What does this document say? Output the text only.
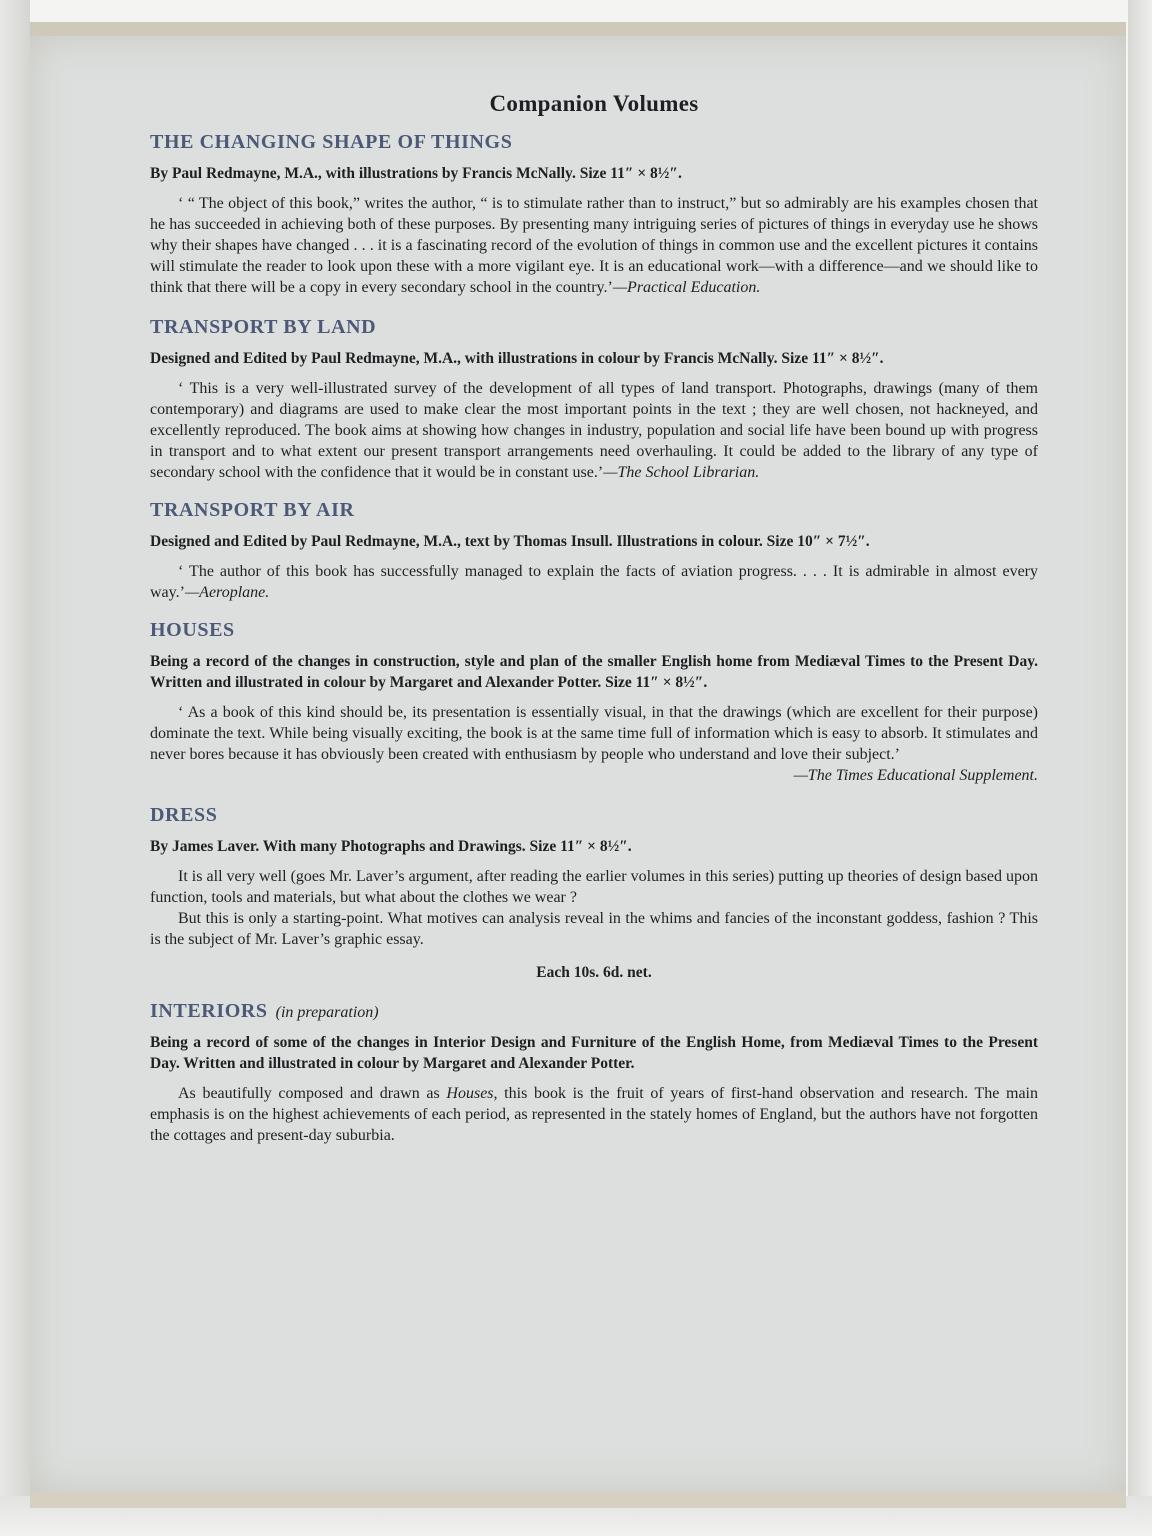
Companion Volumes
THE CHANGING SHAPE OF THINGS

By Paul Redmayne, M.A., with illustrations by Francis McNally. Size 11″ × 8½″.

‘ “ The object of this book,” writes the author, “ is to stimulate rather than to instruct,” but so admirably are his examples chosen that he has succeeded in achieving both of these purposes. By presenting many intriguing series of pictures of things in everyday use he shows why their shapes have changed . . . it is a fascinating record of the evolution of things in common use and the excellent pictures it contains will stimulate the reader to look upon these with a more vigilant eye. It is an educational work—with a difference—and we should like to think that there will be a copy in every secondary school in the country.’—Practical Education.

TRANSPORT BY LAND

Designed and Edited by Paul Redmayne, M.A., with illustrations in colour by Francis McNally. Size 11″ × 8½″.

‘ This is a very well-illustrated survey of the development of all types of land transport. Photographs, drawings (many of them contemporary) and diagrams are used to make clear the most important points in the text ; they are well chosen, not hackneyed, and excellently reproduced. The book aims at showing how changes in industry, population and social life have been bound up with progress in transport and to what extent our present transport arrangements need overhauling. It could be added to the library of any type of secondary school with the confidence that it would be in constant use.’—The School Librarian.

TRANSPORT BY AIR

Designed and Edited by Paul Redmayne, M.A., text by Thomas Insull. Illustrations in colour. Size 10″ × 7½″.

‘ The author of this book has successfully managed to explain the facts of aviation progress. . . . It is admirable in almost every way.’—Aeroplane.

HOUSES

Being a record of the changes in construction, style and plan of the smaller English home from Mediæval Times to the Present Day. Written and illustrated in colour by Margaret and Alexander Potter. Size 11″ × 8½″.

‘ As a book of this kind should be, its presentation is essentially visual, in that the drawings (which are excellent for their purpose) dominate the text. While being visually exciting, the book is at the same time full of information which is easy to absorb. It stimulates and never bores because it has obviously been created with enthusiasm by people who understand and love their subject.’

—The Times Educational Supplement.

DRESS

By James Laver. With many Photographs and Drawings. Size 11″ × 8½″.

It is all very well (goes Mr. Laver’s argument, after reading the earlier volumes in this series) putting up theories of design based upon function, tools and materials, but what about the clothes we wear ?

But this is only a starting-point. What motives can analysis reveal in the whims and fancies of the inconstant goddess, fashion ? This is the subject of Mr. Laver’s graphic essay.

Each 10s. 6d. net.

INTERIORS (in preparation)

Being a record of some of the changes in Interior Design and Furniture of the English Home, from Mediæval Times to the Present Day. Written and illustrated in colour by Margaret and Alexander Potter.

As beautifully composed and drawn as Houses, this book is the fruit of years of first-hand observation and research. The main emphasis is on the highest achievements of each period, as represented in the stately homes of England, but the authors have not forgotten the cottages and present-day suburbia.
